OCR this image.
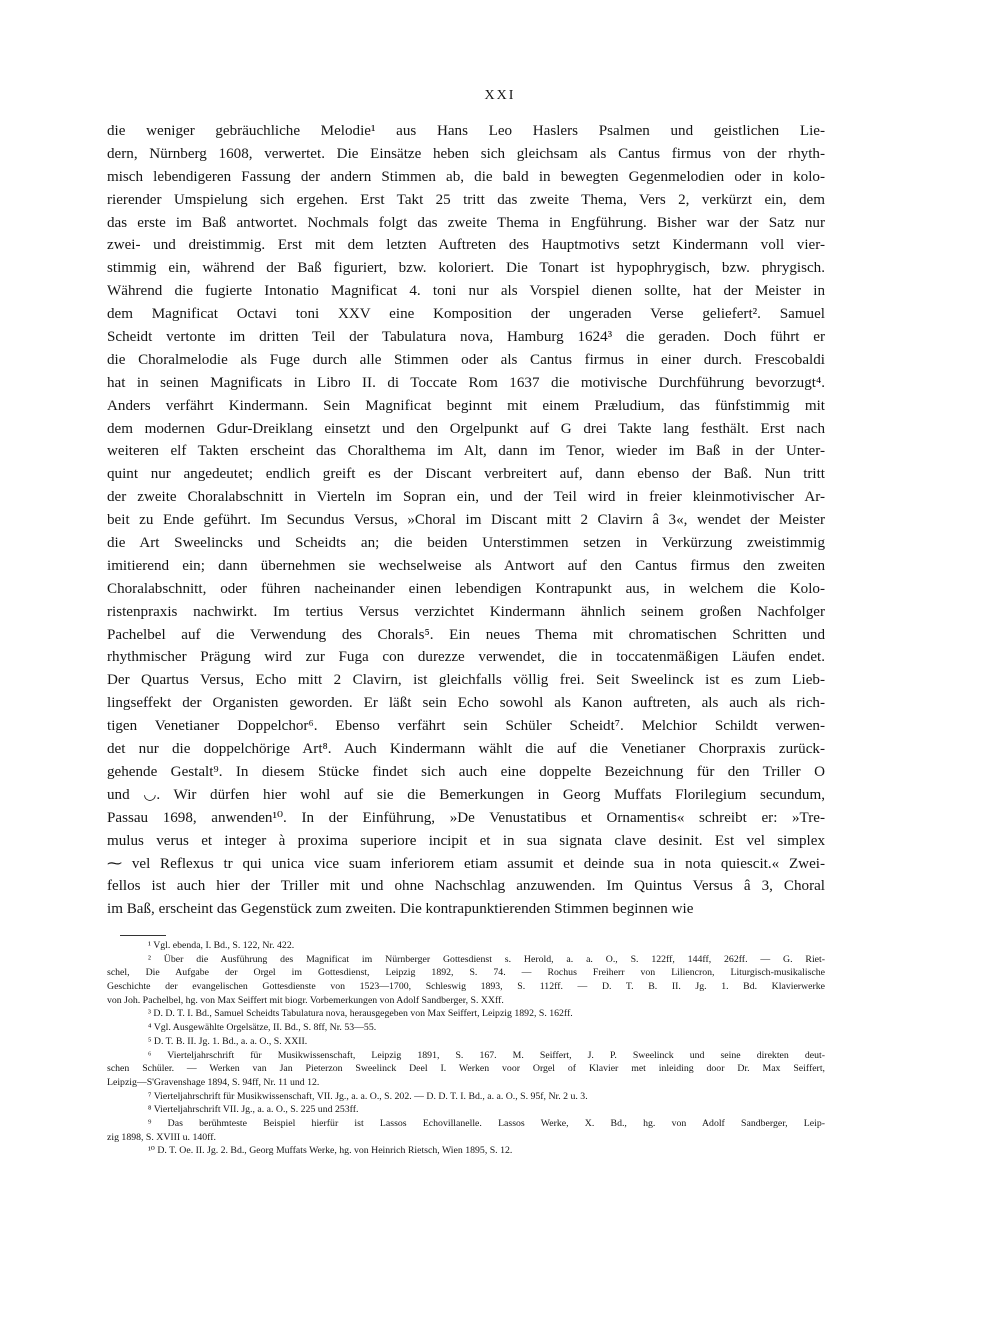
XXI
die weniger gebräuchliche Melodie¹ aus Hans Leo Haslers Psalmen und geistlichen Lie-
dern, Nürnberg 1608, verwertet. Die Einsätze heben sich gleichsam als Cantus firmus von der rhyth-
misch lebendigeren Fassung der andern Stimmen ab, die bald in bewegten Gegenmelodien oder in kolo-
rierender Umspielung sich ergehen. Erst Takt 25 tritt das zweite Thema, Vers 2, verkürzt ein, dem
das erste im Baß antwortet. Nochmals folgt das zweite Thema in Engführung. Bisher war der Satz nur
zwei- und dreistimmig. Erst mit dem letzten Auftreten des Hauptmotivs setzt Kindermann voll vier-
stimmig ein, während der Baß figuriert, bzw. koloriert. Die Tonart ist hypophrygisch, bzw. phrygisch.
Während die fugierte Intonatio Magnificat 4. toni nur als Vorspiel dienen sollte, hat der Meister in
dem Magnificat Octavi toni XXV eine Komposition der ungeraden Verse geliefert². Samuel
Scheidt vertonte im dritten Teil der Tabulatura nova, Hamburg 1624³ die geraden. Doch führt er
die Choralmelodie als Fuge durch alle Stimmen oder als Cantus firmus in einer durch. Frescobaldi
hat in seinen Magnificats in Libro II. di Toccate Rom 1637 die motivische Durchführung bevorzugt⁴.
Anders verfährt Kindermann. Sein Magnificat beginnt mit einem Præludium, das fünfstimmig mit
dem modernen Gdur-Dreiklang einsetzt und den Orgelpunkt auf G drei Takte lang festhält. Erst nach
weiteren elf Takten erscheint das Choralthema im Alt, dann im Tenor, wieder im Baß in der Unter-
quint nur angedeutet; endlich greift es der Discant verbreitert auf, dann ebenso der Baß. Nun tritt
der zweite Choralabschnitt in Vierteln im Sopran ein, und der Teil wird in freier kleinmotivischer Ar-
beit zu Ende geführt. Im Secundus Versus, »Choral im Discant mitt 2 Clavirn â 3«, wendet der Meister
die Art Sweelincks und Scheidts an; die beiden Unterstimmen setzen in Verkürzung zweistimmig
imitierend ein; dann übernehmen sie wechselweise als Antwort auf den Cantus firmus den zweiten
Choralabschnitt, oder führen nacheinander einen lebendigen Kontrapunkt aus, in welchem die Kolo-
ristenpraxis nachwirkt. Im tertius Versus verzichtet Kindermann ähnlich seinem großen Nachfolger
Pachelbel auf die Verwendung des Chorals⁵. Ein neues Thema mit chromatischen Schritten und
rhythmischer Prägung wird zur Fuga con durezze verwendet, die in toccatenmäßigen Läufen endet.
Der Quartus Versus, Echo mitt 2 Clavirn, ist gleichfalls völlig frei. Seit Sweelinck ist es zum Lieb-
lingseffekt der Organisten geworden. Er läßt sein Echo sowohl als Kanon auftreten, als auch als rich-
tigen Venetianer Doppelchor⁶. Ebenso verfährt sein Schüler Scheidt⁷. Melchior Schildt verwen-
det nur die doppelchörige Art⁸. Auch Kindermann wählt die auf die Venetianer Chorpraxis zurück-
gehende Gestalt⁹. In diesem Stücke findet sich auch eine doppelte Bezeichnung für den Triller O
und ◡. Wir dürfen hier wohl auf sie die Bemerkungen in Georg Muffats Florilegium secundum,
Passau 1698, anwenden¹⁰. In der Einführung, »De Venustatibus et Ornamentis« schreibt er: »Tre-
mulus verus et integer à proxima superiore incipit et in sua signata clave desinit. Est vel simplex
⁓ vel Reflexus tr qui unica vice suam inferiorem etiam assumit et deinde sua in nota quiescit.« Zwei-
fellos ist auch hier der Triller mit und ohne Nachschlag anzuwenden. Im Quintus Versus â 3, Choral
im Baß, erscheint das Gegenstück zum zweiten. Die kontrapunktierenden Stimmen beginnen wie
¹ Vgl. ebenda, I. Bd., S. 122, Nr. 422.
² Über die Ausführung des Magnificat im Nürnberger Gottesdienst s. Herold, a. a. O., S. 122ff, 144ff, 262ff. — G. Riet-
schel, Die Aufgabe der Orgel im Gottesdienst, Leipzig 1892, S. 74. — Rochus Freiherr von Liliencron, Liturgisch-musikalische
Geschichte der evangelischen Gottesdienste von 1523—1700, Schleswig 1893, S. 112ff. — D. T. B. II. Jg. 1. Bd. Klavierwerke
von Joh. Pachelbel, hg. von Max Seiffert mit biogr. Vorbemerkungen von Adolf Sandberger, S. XXff.
³ D. D. T. I. Bd., Samuel Scheidts Tabulatura nova, herausgegeben von Max Seiffert, Leipzig 1892, S. 162ff.
⁴ Vgl. Ausgewählte Orgelsätze, II. Bd., S. 8ff, Nr. 53—55.
⁵ D. T. B. II. Jg. 1. Bd., a. a. O., S. XXII.
⁶ Vierteljahrschrift für Musikwissenschaft, Leipzig 1891, S. 167. M. Seiffert, J. P. Sweelinck und seine direkten deut-
schen Schüler. — Werken van Jan Pieterzon Sweelinck Deel I. Werken voor Orgel of Klavier met inleiding door Dr. Max Seiffert,
Leipzig—S'Gravenshage 1894, S. 94ff, Nr. 11 und 12.
⁷ Vierteljahrschrift für Musikwissenschaft, VII. Jg., a. a. O., S. 202. — D. D. T. I. Bd., a. a. O., S. 95f, Nr. 2 u. 3.
⁸ Vierteljahrschrift VII. Jg., a. a. O., S. 225 und 253ff.
⁹ Das berühmteste Beispiel hierfür ist Lassos Echovillanelle. Lassos Werke, X. Bd., hg. von Adolf Sandberger, Leip-
zig 1898, S. XVIII u. 140ff.
¹⁰ D. T. Oe. II. Jg. 2. Bd., Georg Muffats Werke, hg. von Heinrich Rietsch, Wien 1895, S. 12.
